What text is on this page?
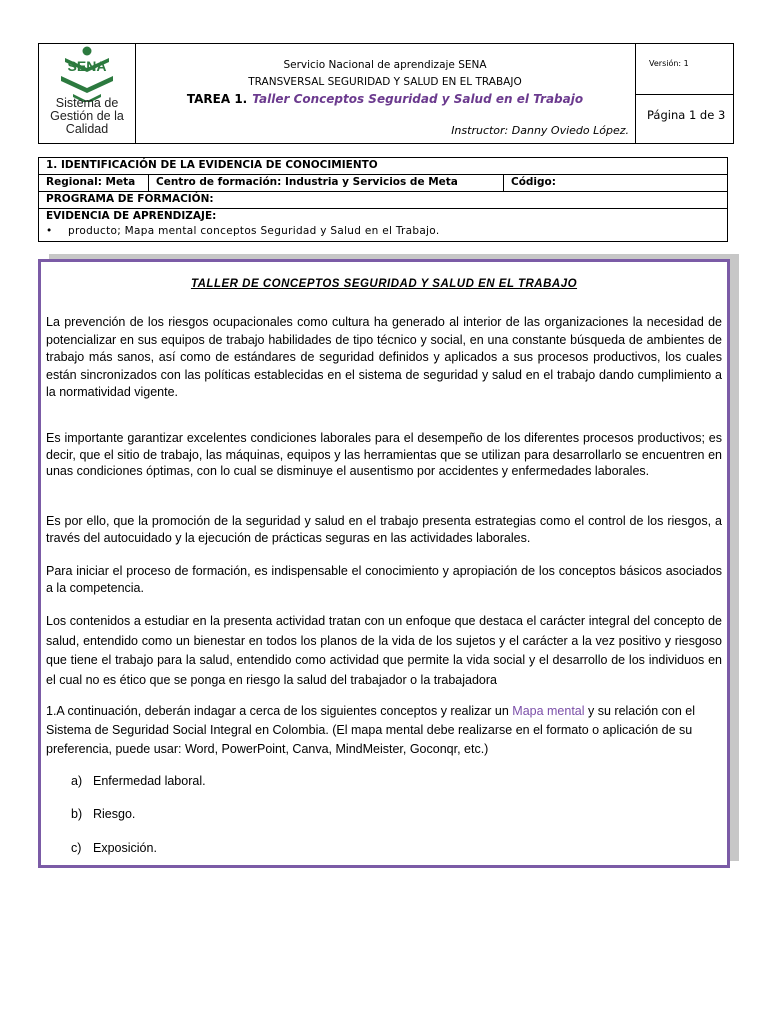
SENA
Sistema de
Gestión de la
Calidad
Servicio Nacional de aprendizaje SENA
TRANSVERSAL SEGURIDAD Y SALUD EN EL TRABAJO
TAREA 1. Taller Conceptos Seguridad y Salud en el Trabajo
Instructor: Danny Oviedo López.
Versión: 1
Página 1 de 3
1. IDENTIFICACIÓN DE LA EVIDENCIA DE CONOCIMIENTO
Regional: Meta	Centro de formación: Industria y Servicios de Meta	Código:
PROGRAMA DE FORMACIÓN:

EVIDENCIA DE APRENDIZAJE:
• producto; Mapa mental conceptos Seguridad y Salud en el Trabajo.
TALLER DE CONCEPTOS SEGURIDAD Y SALUD EN EL TRABAJO
La prevención de los riesgos ocupacionales como cultura ha generado al interior de las organizaciones la necesidad de potencializar en sus equipos de trabajo habilidades de tipo técnico y social, en una constante búsqueda de ambientes de trabajo más sanos, así como de estándares de seguridad definidos y aplicados a sus procesos productivos, los cuales están sincronizados con las políticas establecidas en el sistema de seguridad y salud en el trabajo dando cumplimiento a la normatividad vigente.
Es importante garantizar excelentes condiciones laborales para el desempeño de los diferentes procesos productivos; es decir, que el sitio de trabajo, las máquinas, equipos y las herramientas que se utilizan para desarrollarlo se encuentren en unas condiciones óptimas, con lo cual se disminuye el ausentismo por accidentes y enfermedades laborales.
Es por ello, que la promoción de la seguridad y salud en el trabajo presenta estrategias como el control de los riesgos, a través del autocuidado y la ejecución de prácticas seguras en las actividades laborales.
Para iniciar el proceso de formación, es indispensable el conocimiento y apropiación de los conceptos básicos asociados a la competencia.
Los contenidos a estudiar en la presenta actividad tratan con un enfoque que destaca el carácter integral del concepto de salud, entendido como un bienestar en todos los planos de la vida de los sujetos y el carácter a la vez positivo y riesgoso que tiene el trabajo para la salud, entendido como actividad que permite la vida social y el desarrollo de los individuos en el cual no es ético que se ponga en riesgo la salud del trabajador o la trabajadora
1.A continuación, deberán indagar a cerca de los siguientes conceptos y realizar un Mapa mental y su relación con el Sistema de Seguridad Social Integral en Colombia. (El mapa mental debe realizarse en el formato o aplicación de su preferencia, puede usar: Word, PowerPoint, Canva, MindMeister, Goconqr, etc.)
a) Enfermedad laboral.
b) Riesgo.
c) Exposición.
